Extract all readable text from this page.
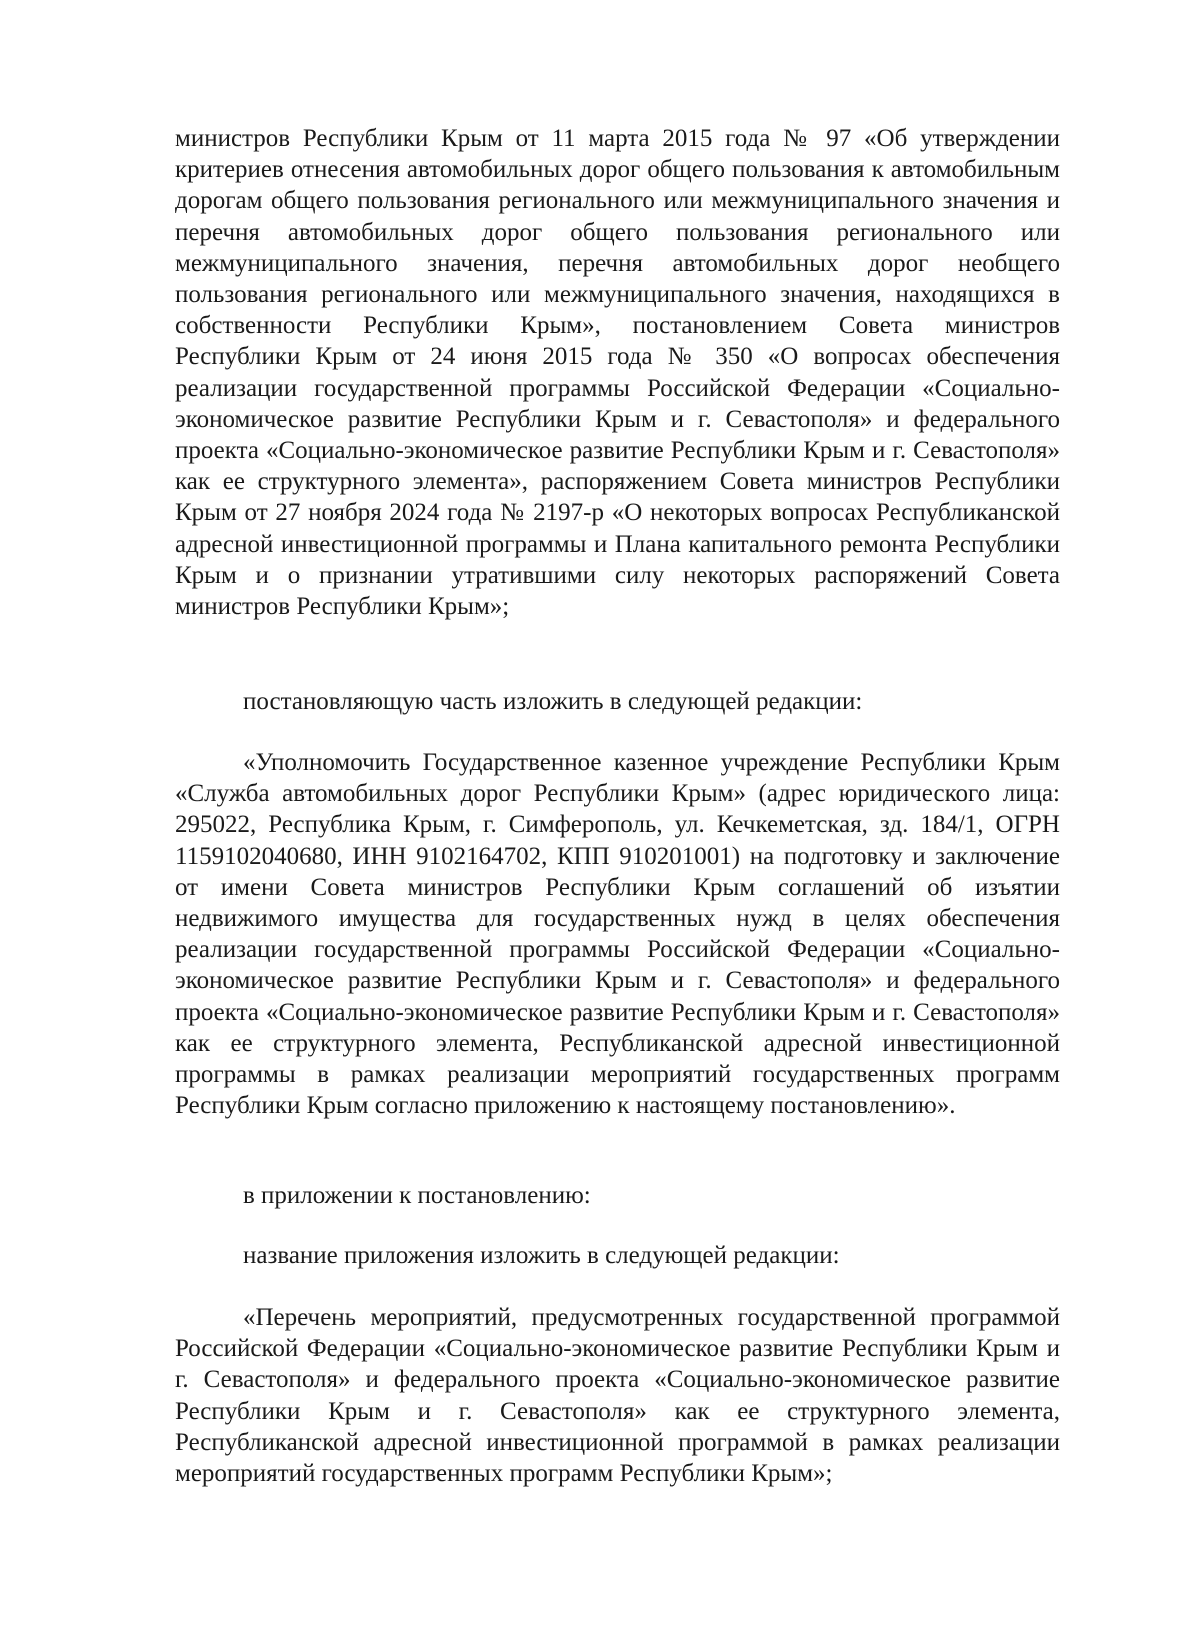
министров Республики Крым от 11 марта 2015 года № 97 «Об утверждении критериев отнесения автомобильных дорог общего пользования к автомобильным дорогам общего пользования регионального или межмуниципального значения и перечня автомобильных дорог общего пользования регионального или межмуниципального значения, перечня автомобильных дорог необщего пользования регионального или межмуниципального значения, находящихся в собственности Республики Крым», постановлением Совета министров Республики Крым от 24 июня 2015 года № 350 «О вопросах обеспечения реализации государственной программы Российской Федерации «Социально-экономическое развитие Республики Крым и г. Севастополя» и федерального проекта «Социально-экономическое развитие Республики Крым и г. Севастополя» как ее структурного элемента», распоряжением Совета министров Республики Крым от 27 ноября 2024 года № 2197-р «О некоторых вопросах Республиканской адресной инвестиционной программы и Плана капитального ремонта Республики Крым и о признании утратившими силу некоторых распоряжений Совета министров Республики Крым»;

постановляющую часть изложить в следующей редакции:

«Уполномочить Государственное казенное учреждение Республики Крым «Служба автомобильных дорог Республики Крым» (адрес юридического лица: 295022, Республика Крым, г. Симферополь, ул. Кечкеметская, зд. 184/1, ОГРН 1159102040680, ИНН 9102164702, КПП 910201001) на подготовку и заключение от имени Совета министров Республики Крым соглашений об изъятии недвижимого имущества для государственных нужд в целях обеспечения реализации государственной программы Российской Федерации «Социально-экономическое развитие Республики Крым и г. Севастополя» и федерального проекта «Социально-экономическое развитие Республики Крым и г. Севастополя» как ее структурного элемента, Республиканской адресной инвестиционной программы в рамках реализации мероприятий государственных программ Республики Крым согласно приложению к настоящему постановлению».

в приложении к постановлению:

название приложения изложить в следующей редакции:

«Перечень мероприятий, предусмотренных государственной программой Российской Федерации «Социально-экономическое развитие Республики Крым и г. Севастополя» и федерального проекта «Социально-экономическое развитие Республики Крым и г. Севастополя» как ее структурного элемента, Республиканской адресной инвестиционной программой в рамках реализации мероприятий государственных программ Республики Крым»;
